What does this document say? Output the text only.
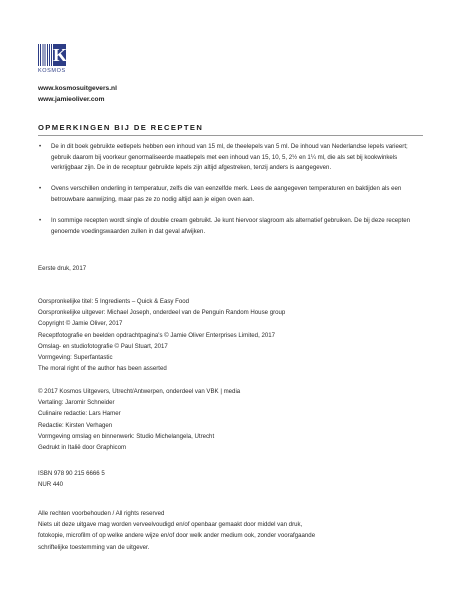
K
KOSMOS
www.kosmosuitgevers.nl
www.jamieoliver.com
OPMERKINGEN BIJ DE RECEPTEN
• De in dit boek gebruikte eetlepels hebben een inhoud van 15 ml, de theelepels van 5 ml. De inhoud van Nederlandse lepels varieert; gebruik daarom bij voorkeur genormaliseerde maatlepels met een inhoud van 15, 10, 5, 2½ en 1¼ ml, die als set bij kookwinkels verkrijgbaar zijn. De in de receptuur gebruikte lepels zijn altijd afgestreken, tenzij anders is aangegeven.
• Ovens verschillen onderling in temperatuur, zelfs die van eenzelfde merk. Lees de aangegeven temperaturen en baktijden als een betrouwbare aanwijzing, maar pas ze zo nodig altijd aan je eigen oven aan.
• In sommige recepten wordt single of double cream gebruikt. Je kunt hiervoor slagroom als alternatief gebruiken. De bij deze recepten genoemde voedingswaarden zullen in dat geval afwijken.

Eerste druk, 2017

Oorspronkelijke titel: 5 Ingredients – Quick & Easy Food

Oorspronkelijke uitgever: Michael Joseph, onderdeel van de Penguin Random House group

Copyright © Jamie Oliver, 2017

Receptfotografie en beelden opdrachtpagina's © Jamie Oliver Enterprises Limited, 2017

Omslag- en studiofotografie © Paul Stuart, 2017

Vormgeving: Superfantastic

The moral right of the author has been asserted

© 2017 Kosmos Uitgevers, Utrecht/Antwerpen, onderdeel van VBK | media

Vertaling: Jaromir Schneider

Culinaire redactie: Lars Hamer

Redactie: Kirsten Verhagen

Vormgeving omslag en binnenwerk: Studio Michelangela, Utrecht

Gedrukt in Italië door Graphicom

ISBN 978 90 215 6666 5

NUR 440

Alle rechten voorbehouden / All rights reserved

Niets uit deze uitgave mag worden verveelvoudigd en/of openbaar gemaakt door middel van druk,

fotokopie, microfilm of op welke andere wijze en/of door welk ander medium ook, zonder voorafgaande

schriftelijke toestemming van de uitgever.
